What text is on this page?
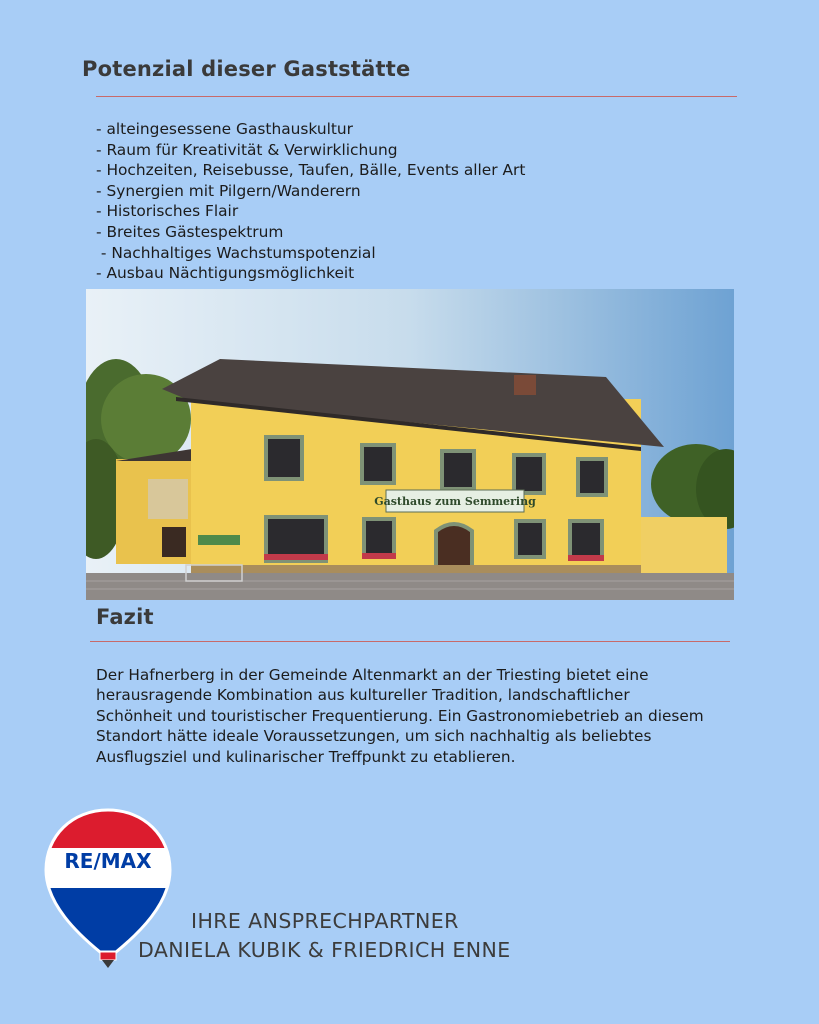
Potenzial dieser Gaststätte
- alteingesessene Gasthauskultur
- Raum für Kreativität & Verwirklichung
- Hochzeiten, Reisebusse, Taufen, Bälle, Events aller Art
- Synergien mit Pilgern/Wanderern
- Historisches Flair
- Breites Gästespektrum
- Nachhaltiges Wachstumspotenzial
- Ausbau Nächtigungsmöglichkeit
Gasthaus zum Semmering
Fazit

Der Hafnerberg in der Gemeinde Altenmarkt an der Triesting bietet eine
herausragende Kombination aus kultureller Tradition, landschaftlicher
Schönheit und touristischer Frequentierung. Ein Gastronomiebetrieb an diesem
Standort hätte ideale Voraussetzungen, um sich nachhaltig als beliebtes
Ausflugsziel und kulinarischer Treffpunkt zu etablieren.

RE/MAX
IHRE ANSPRECHPARTNER
DANIELA KUBIK & FRIEDRICH ENNE
